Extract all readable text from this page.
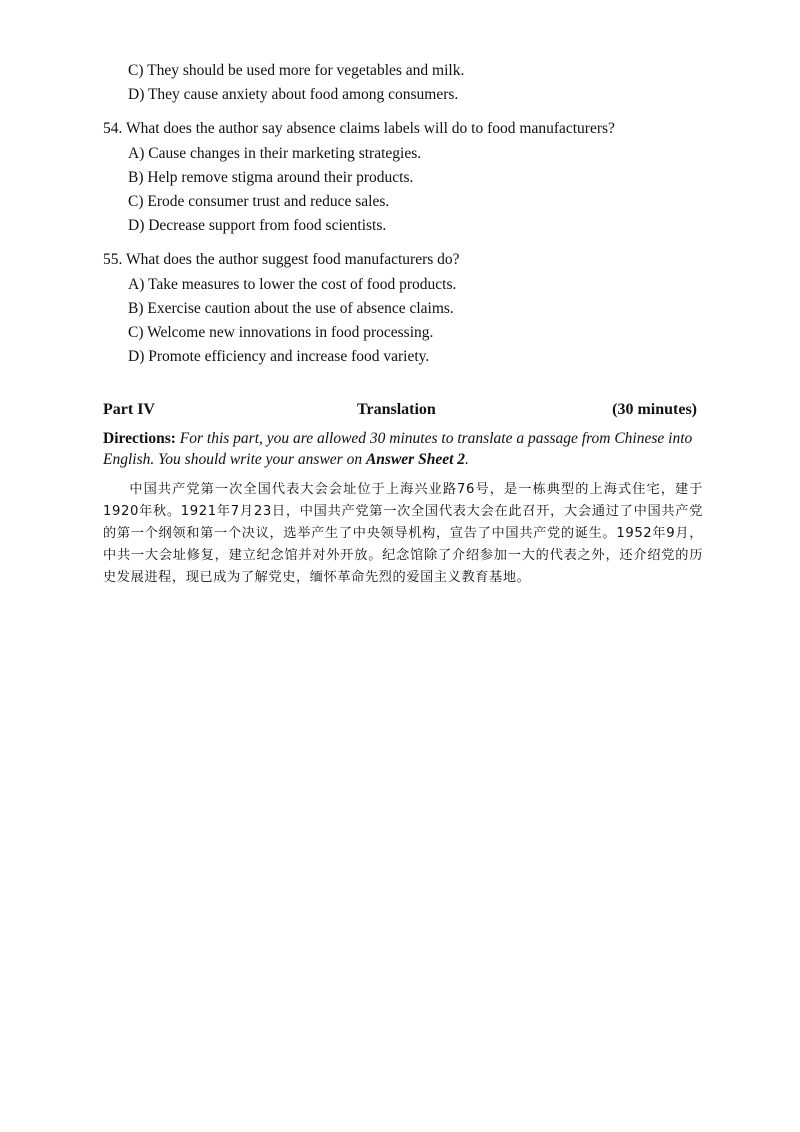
C) They should be used more for vegetables and milk.
D) They cause anxiety about food among consumers.
54. What does the author say absence claims labels will do to food manufacturers?
A) Cause changes in their marketing strategies.
B) Help remove stigma around their products.
C) Erode consumer trust and reduce sales.
D) Decrease support from food scientists.
55. What does the author suggest food manufacturers do?
A) Take measures to lower the cost of food products.
B) Exercise caution about the use of absence claims.
C) Welcome new innovations in food processing.
D) Promote efficiency and increase food variety.
Part IV	Translation	(30 minutes)
Directions: For this part, you are allowed 30 minutes to translate a passage from Chinese into English. You should write your answer on Answer Sheet 2.
中国共产党第一次全国代表大会会址位于上海兴业路76号，是一栋典型的上海式住宅，建于1920年秋。1921年7月23日，中国共产党第一次全国代表大会在此召开，大会通过了中国共产党的第一个纲领和第一个决议，选举产生了中央领导机构，宣告了中国共产党的诞生。1952年9月，中共一大会址修复，建立纪念馆并对外开放。纪念馆除了介绍参加一大的代表之外，还介绍党的历史发展进程，现已成为了解党史，缅怀革命先烈的爱国主义教育基地。
